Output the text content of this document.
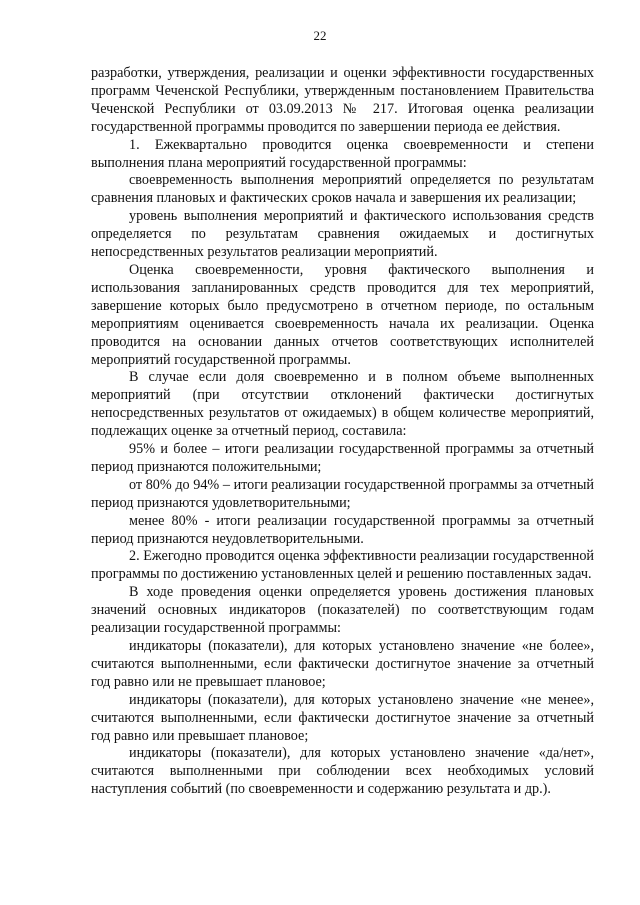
22

разработки, утверждения, реализации и оценки эффективности государственных программ Чеченской Республики, утвержденным постановлением Правительства Чеченской Республики от 03.09.2013 № 217. Итоговая оценка реализации государственной программы проводится по завершении периода ее действия.

1. Ежеквартально проводится оценка своевременности и степени выполнения плана мероприятий государственной программы:

своевременность выполнения мероприятий определяется по результатам сравнения плановых и фактических сроков начала и завершения их реализации;

уровень выполнения мероприятий и фактического использования средств определяется по результатам сравнения ожидаемых и достигнутых непосредственных результатов реализации мероприятий.

Оценка своевременности, уровня фактического выполнения и использования запланированных средств проводится для тех мероприятий, завершение которых было предусмотрено в отчетном периоде, по остальным мероприятиям оценивается своевременность начала их реализации. Оценка проводится на основании данных отчетов соответствующих исполнителей мероприятий государственной программы.

В случае если доля своевременно и в полном объеме выполненных мероприятий (при отсутствии отклонений фактически достигнутых непосредственных результатов от ожидаемых) в общем количестве мероприятий, подлежащих оценке за отчетный период, составила:

95% и более – итоги реализации государственной программы за отчетный период признаются положительными;

от 80% до 94% – итоги реализации государственной программы за отчетный период признаются удовлетворительными;

менее 80% - итоги реализации государственной программы за отчетный период признаются неудовлетворительными.

2. Ежегодно проводится оценка эффективности реализации государственной программы по достижению установленных целей и решению поставленных задач.

В ходе проведения оценки определяется уровень достижения плановых значений основных индикаторов (показателей) по соответствующим годам реализации государственной программы:

индикаторы (показатели), для которых установлено значение «не более», считаются выполненными, если фактически достигнутое значение за отчетный год равно или не превышает плановое;

индикаторы (показатели), для которых установлено значение «не менее», считаются выполненными, если фактически достигнутое значение за отчетный год равно или превышает плановое;

индикаторы (показатели), для которых установлено значение «да/нет», считаются выполненными при соблюдении всех необходимых условий наступления событий (по своевременности и содержанию результата и др.).
